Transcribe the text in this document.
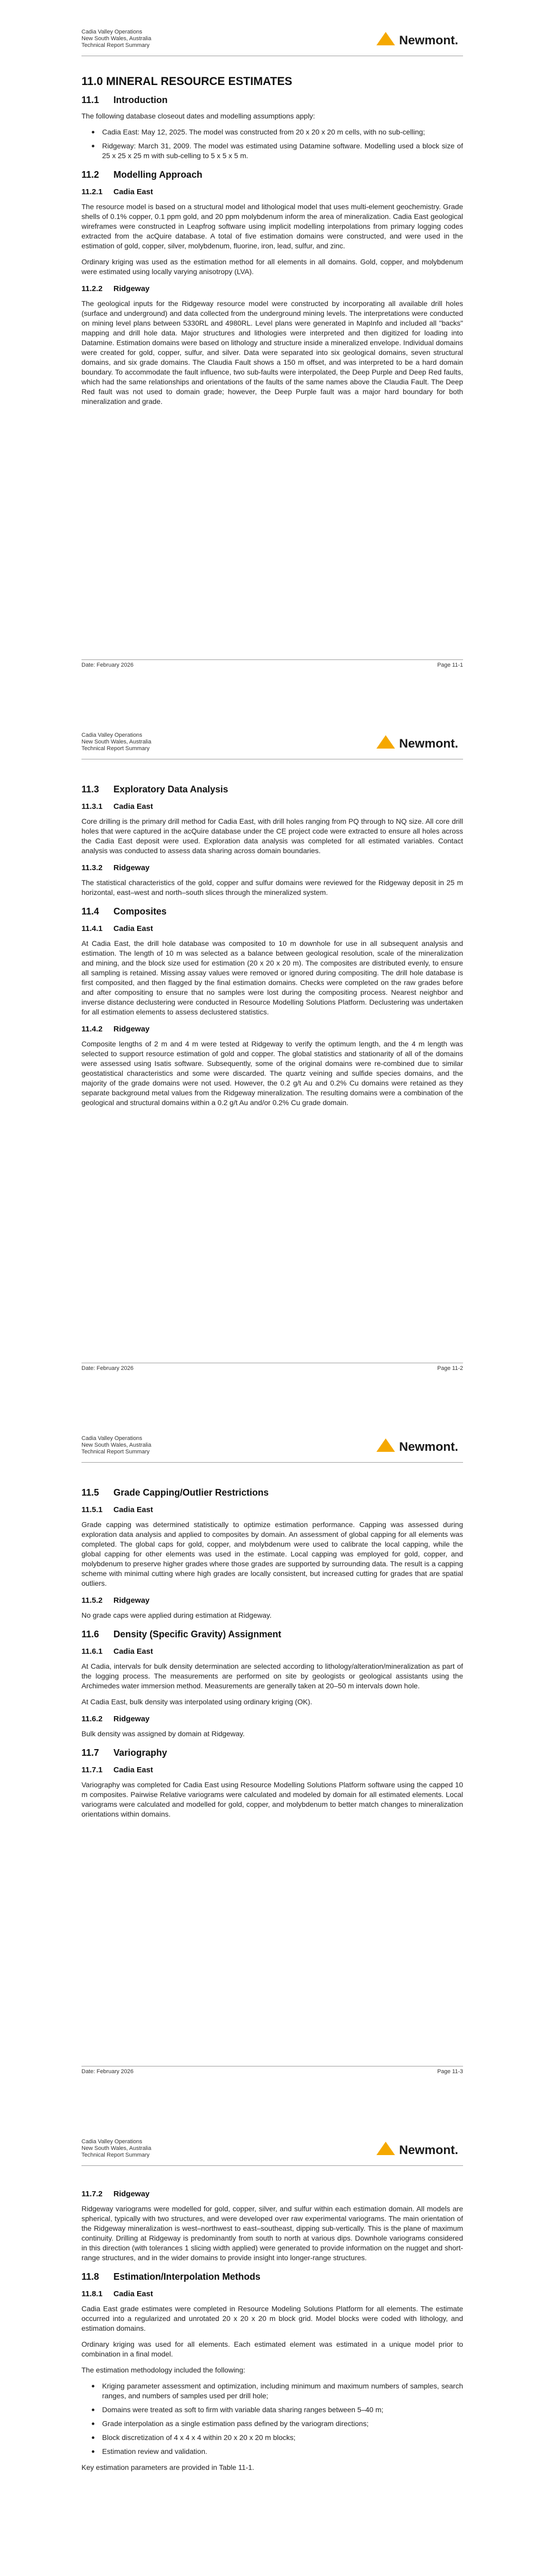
Cadia Valley Operations
New South Wales, Australia
Technical Report Summary	Newmont.
11.0 MINERAL RESOURCE ESTIMATES
11.1 Introduction

The following database closeout dates and modelling assumptions apply:

Cadia East: May 12, 2025. The model was constructed from 20 x 20 x 20 m cells, with no sub-celling;
Ridgeway: March 31, 2009. The model was estimated using Datamine software. Modelling used a block size of 25 x 25 x 25 m with sub-celling to 5 x 5 x 5 m.
11.2 Modelling Approach
11.2.1 Cadia East

The resource model is based on a structural model and lithological model that uses multi-element geochemistry. Grade shells of 0.1% copper, 0.1 ppm gold, and 20 ppm molybdenum inform the area of mineralization. Cadia East geological wireframes were constructed in Leapfrog software using implicit modelling interpolations from primary logging codes extracted from the acQuire database. A total of five estimation domains were constructed, and were used in the estimation of gold, copper, silver, molybdenum, fluorine, iron, lead, sulfur, and zinc.

Ordinary kriging was used as the estimation method for all elements in all domains. Gold, copper, and molybdenum were estimated using locally varying anisotropy (LVA).

11.2.2 Ridgeway

The geological inputs for the Ridgeway resource model were constructed by incorporating all available drill holes (surface and underground) and data collected from the underground mining levels. The interpretations were conducted on mining level plans between 5330RL and 4980RL. Level plans were generated in MapInfo and included all "backs" mapping and drill hole data. Major structures and lithologies were interpreted and then digitized for loading into Datamine. Estimation domains were based on lithology and structure inside a mineralized envelope. Individual domains were created for gold, copper, sulfur, and silver. Data were separated into six geological domains, seven structural domains, and six grade domains. The Claudia Fault shows a 150 m offset, and was interpreted to be a hard domain boundary. To accommodate the fault influence, two sub-faults were interpolated, the Deep Purple and Deep Red faults, which had the same relationships and orientations of the faults of the same names above the Claudia Fault. The Deep Red fault was not used to domain grade; however, the Deep Purple fault was a major hard boundary for both mineralization and grade.

Date: February 2026	Page 11-1
Cadia Valley Operations
New South Wales, Australia
Technical Report Summary	Newmont.
11.3 Exploratory Data Analysis
11.3.1 Cadia East

Core drilling is the primary drill method for Cadia East, with drill holes ranging from PQ through to NQ size. All core drill holes that were captured in the acQuire database under the CE project code were extracted to ensure all holes across the Cadia East deposit were used. Exploration data analysis was completed for all estimated variables. Contact analysis was conducted to assess data sharing across domain boundaries.

11.3.2 Ridgeway

The statistical characteristics of the gold, copper and sulfur domains were reviewed for the Ridgeway deposit in 25 m horizontal, east–west and north–south slices through the mineralized system.

11.4 Composites
11.4.1 Cadia East

At Cadia East, the drill hole database was composited to 10 m downhole for use in all subsequent analysis and estimation. The length of 10 m was selected as a balance between geological resolution, scale of the mineralization and mining, and the block size used for estimation (20 x 20 x 20 m). The composites are distributed evenly, to ensure all sampling is retained. Missing assay values were removed or ignored during compositing. The drill hole database is first composited, and then flagged by the final estimation domains. Checks were completed on the raw grades before and after compositing to ensure that no samples were lost during the compositing process. Nearest neighbor and inverse distance declustering were conducted in Resource Modelling Solutions Platform. Declustering was undertaken for all estimation elements to assess declustered statistics.

11.4.2 Ridgeway

Composite lengths of 2 m and 4 m were tested at Ridgeway to verify the optimum length, and the 4 m length was selected to support resource estimation of gold and copper. The global statistics and stationarity of all of the domains were assessed using Isatis software. Subsequently, some of the original domains were re-combined due to similar geostatistical characteristics and some were discarded. The quartz veining and sulfide species domains, and the majority of the grade domains were not used. However, the 0.2 g/t Au and 0.2% Cu domains were retained as they separate background metal values from the Ridgeway mineralization. The resulting domains were a combination of the geological and structural domains within a 0.2 g/t Au and/or 0.2% Cu grade domain.

Date: February 2026	Page 11-2
Cadia Valley Operations
New South Wales, Australia
Technical Report Summary	Newmont.
11.5 Grade Capping/Outlier Restrictions
11.5.1 Cadia East

Grade capping was determined statistically to optimize estimation performance. Capping was assessed during exploration data analysis and applied to composites by domain. An assessment of global capping for all elements was completed. The global caps for gold, copper, and molybdenum were used to calibrate the local capping, while the global capping for other elements was used in the estimate. Local capping was employed for gold, copper, and molybdenum to preserve higher grades where those grades are supported by surrounding data. The result is a capping scheme with minimal cutting where high grades are locally consistent, but increased cutting for grades that are spatial outliers.

11.5.2 Ridgeway

No grade caps were applied during estimation at Ridgeway.

11.6 Density (Specific Gravity) Assignment
11.6.1 Cadia East

At Cadia, intervals for bulk density determination are selected according to lithology/alteration/mineralization as part of the logging process. The measurements are performed on site by geologists or geological assistants using the Archimedes water immersion method. Measurements are generally taken at 20–50 m intervals down hole.

At Cadia East, bulk density was interpolated using ordinary kriging (OK).

11.6.2 Ridgeway

Bulk density was assigned by domain at Ridgeway.

11.7 Variography
11.7.1 Cadia East

Variography was completed for Cadia East using Resource Modelling Solutions Platform software using the capped 10 m composites. Pairwise Relative variograms were calculated and modeled by domain for all estimated elements. Local variograms were calculated and modelled for gold, copper, and molybdenum to better match changes to mineralization orientations within domains.

Date: February 2026	Page 11-3
Cadia Valley Operations
New South Wales, Australia
Technical Report Summary	Newmont.
11.7.2 Ridgeway

Ridgeway variograms were modelled for gold, copper, silver, and sulfur within each estimation domain. All models are spherical, typically with two structures, and were developed over raw experimental variograms. The main orientation of the Ridgeway mineralization is west–northwest to east–southeast, dipping sub-vertically. This is the plane of maximum continuity. Drilling at Ridgeway is predominantly from south to north at various dips. Downhole variograms considered in this direction (with tolerances 1 slicing width applied) were generated to provide information on the nugget and short-range structures, and in the wider domains to provide insight into longer-range structures.

11.8 Estimation/Interpolation Methods
11.8.1 Cadia East

Cadia East grade estimates were completed in Resource Modeling Solutions Platform for all elements. The estimate occurred into a regularized and unrotated 20 x 20 x 20 m block grid. Model blocks were coded with lithology, and estimation domains.

Ordinary kriging was used for all elements. Each estimated element was estimated in a unique model prior to combination in a final model.

The estimation methodology included the following:

Kriging parameter assessment and optimization, including minimum and maximum numbers of samples, search ranges, and numbers of samples used per drill hole;
Domains were treated as soft to firm with variable data sharing ranges between 5–40 m;
Grade interpolation as a single estimation pass defined by the variogram directions;
Block discretization of 4 x 4 x 4 within 20 x 20 x 20 m blocks;
Estimation review and validation.

Key estimation parameters are provided in Table 11-1.
